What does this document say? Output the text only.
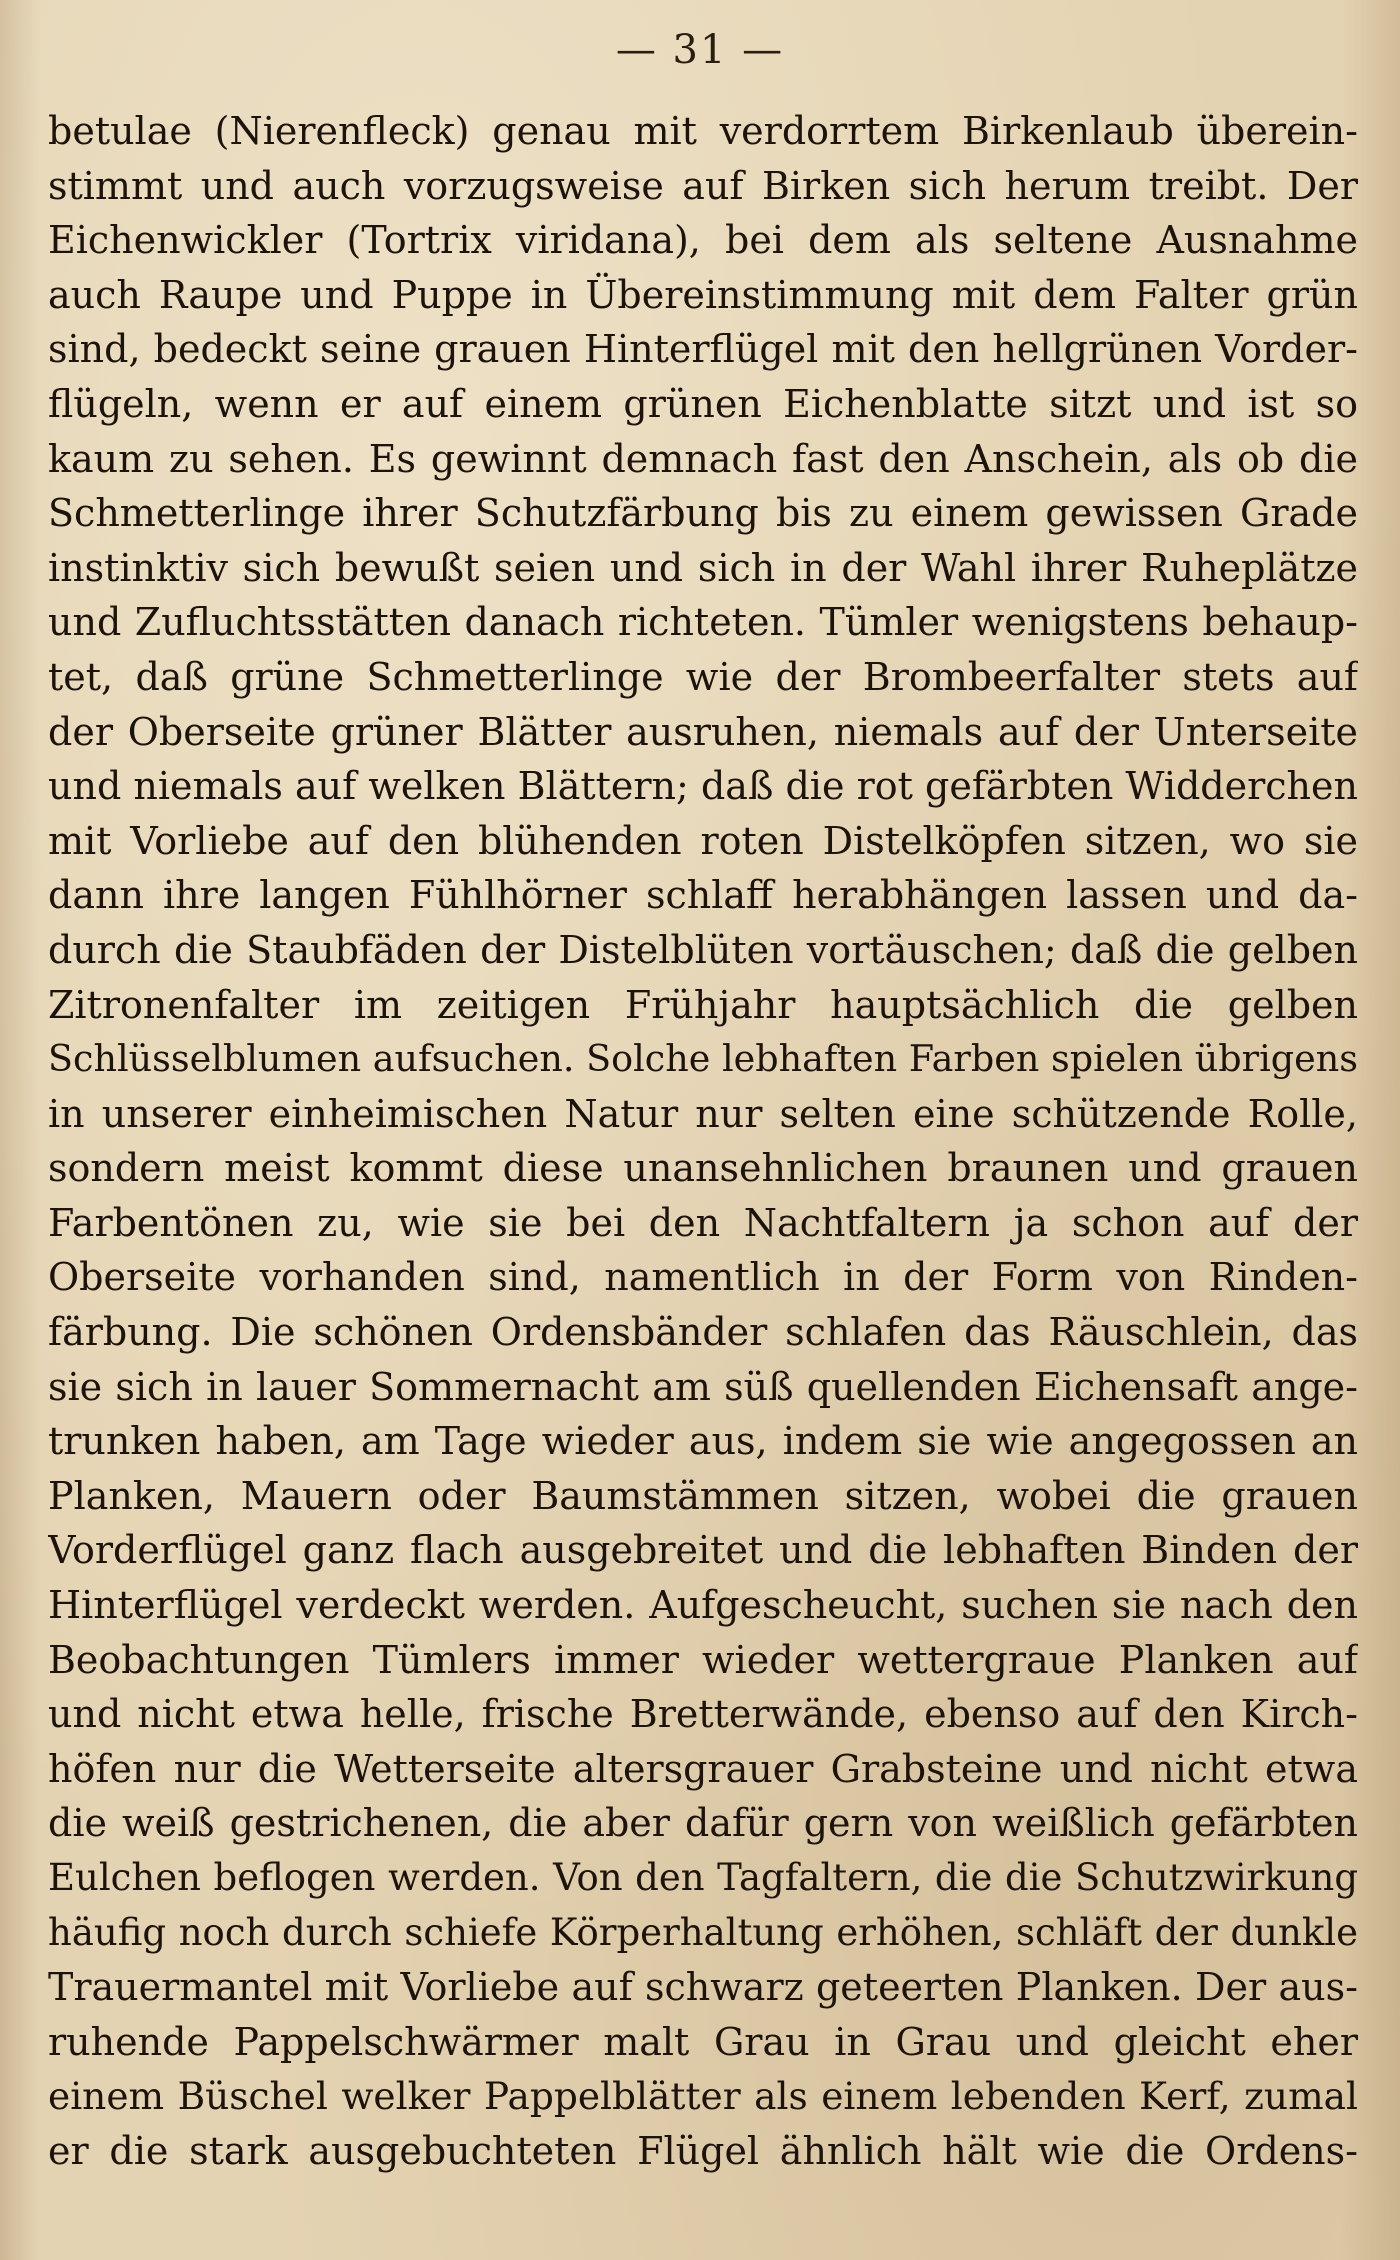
— 31 —
betulae (Nierenfleck) genau mit verdorrtem Birkenlaub überein-
stimmt und auch vorzugsweise auf Birken sich herum treibt. Der
Eichenwickler (Tortrix viridana), bei dem als seltene Ausnahme
auch Raupe und Puppe in Übereinstimmung mit dem Falter grün
sind, bedeckt seine grauen Hinterflügel mit den hellgrünen Vorder-
flügeln, wenn er auf einem grünen Eichenblatte sitzt und ist so
kaum zu sehen. Es gewinnt demnach fast den Anschein, als ob die
Schmetterlinge ihrer Schutzfärbung bis zu einem gewissen Grade
instinktiv sich bewußt seien und sich in der Wahl ihrer Ruheplätze
und Zufluchtsstätten danach richteten. Tümler wenigstens behaup-
tet, daß grüne Schmetterlinge wie der Brombeerfalter stets auf
der Oberseite grüner Blätter ausruhen, niemals auf der Unterseite
und niemals auf welken Blättern; daß die rot gefärbten Widderchen
mit Vorliebe auf den blühenden roten Distelköpfen sitzen, wo sie
dann ihre langen Fühlhörner schlaff herabhängen lassen und da-
durch die Staubfäden der Distelblüten vortäuschen; daß die gelben
Zitronenfalter im zeitigen Frühjahr hauptsächlich die gelben
Schlüsselblumen aufsuchen. Solche lebhaften Farben spielen übrigens
in unserer einheimischen Natur nur selten eine schützende Rolle,
sondern meist kommt diese unansehnlichen braunen und grauen
Farbentönen zu, wie sie bei den Nachtfaltern ja schon auf der
Oberseite vorhanden sind, namentlich in der Form von Rinden-
färbung. Die schönen Ordensbänder schlafen das Räuschlein, das
sie sich in lauer Sommernacht am süß quellenden Eichensaft ange-
trunken haben, am Tage wieder aus, indem sie wie angegossen an
Planken, Mauern oder Baumstämmen sitzen, wobei die grauen
Vorderflügel ganz flach ausgebreitet und die lebhaften Binden der
Hinterflügel verdeckt werden. Aufgescheucht, suchen sie nach den
Beobachtungen Tümlers immer wieder wettergraue Planken auf
und nicht etwa helle, frische Bretterwände, ebenso auf den Kirch-
höfen nur die Wetterseite altersgrauer Grabsteine und nicht etwa
die weiß gestrichenen, die aber dafür gern von weißlich gefärbten
Eulchen beflogen werden. Von den Tagfaltern, die die Schutzwirkung
häufig noch durch schiefe Körperhaltung erhöhen, schläft der dunkle
Trauermantel mit Vorliebe auf schwarz geteerten Planken. Der aus-
ruhende Pappelschwärmer malt Grau in Grau und gleicht eher
einem Büschel welker Pappelblätter als einem lebenden Kerf, zumal
er die stark ausgebuchteten Flügel ähnlich hält wie die Ordens-
